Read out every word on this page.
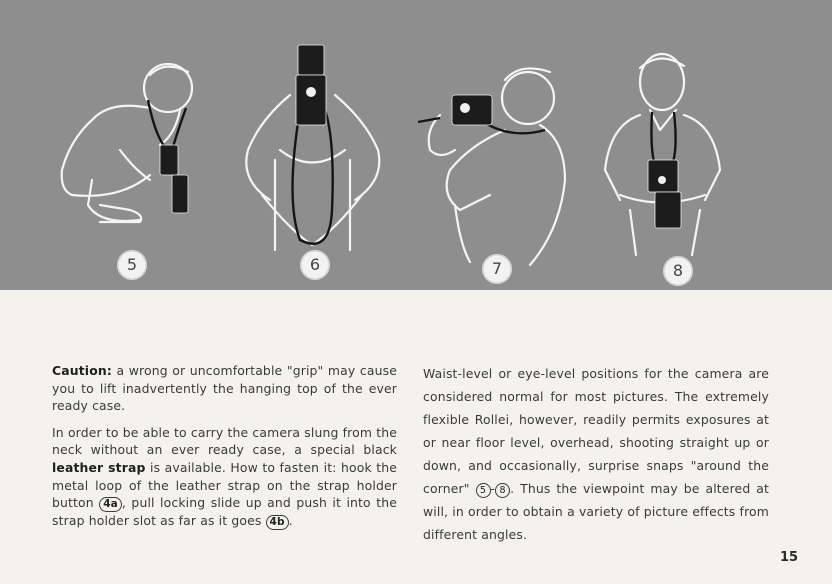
5	6	7	8

Caution: a wrong or uncomfortable "grip" may cause you to lift inadvertently the hanging top of the ever ready case.

In order to be able to carry the camera slung from the neck without an ever ready case, a special black leather strap is available. How to fasten it: hook the metal loop of the leather strap on the strap holder button 4a , pull locking slide up and push it into the strap holder slot as far as it goes 4b .

Waist-level or eye-level positions for the camera are considered normal for most pictures. The extremely flexible Rollei, however, readily permits exposures at or near floor level, overhead, shooting straight up or down, and occasionally, surprise snaps "around the corner" 5 - 8 . Thus the viewpoint may be altered at will, in order to obtain a variety of picture effects from different angles.

15
